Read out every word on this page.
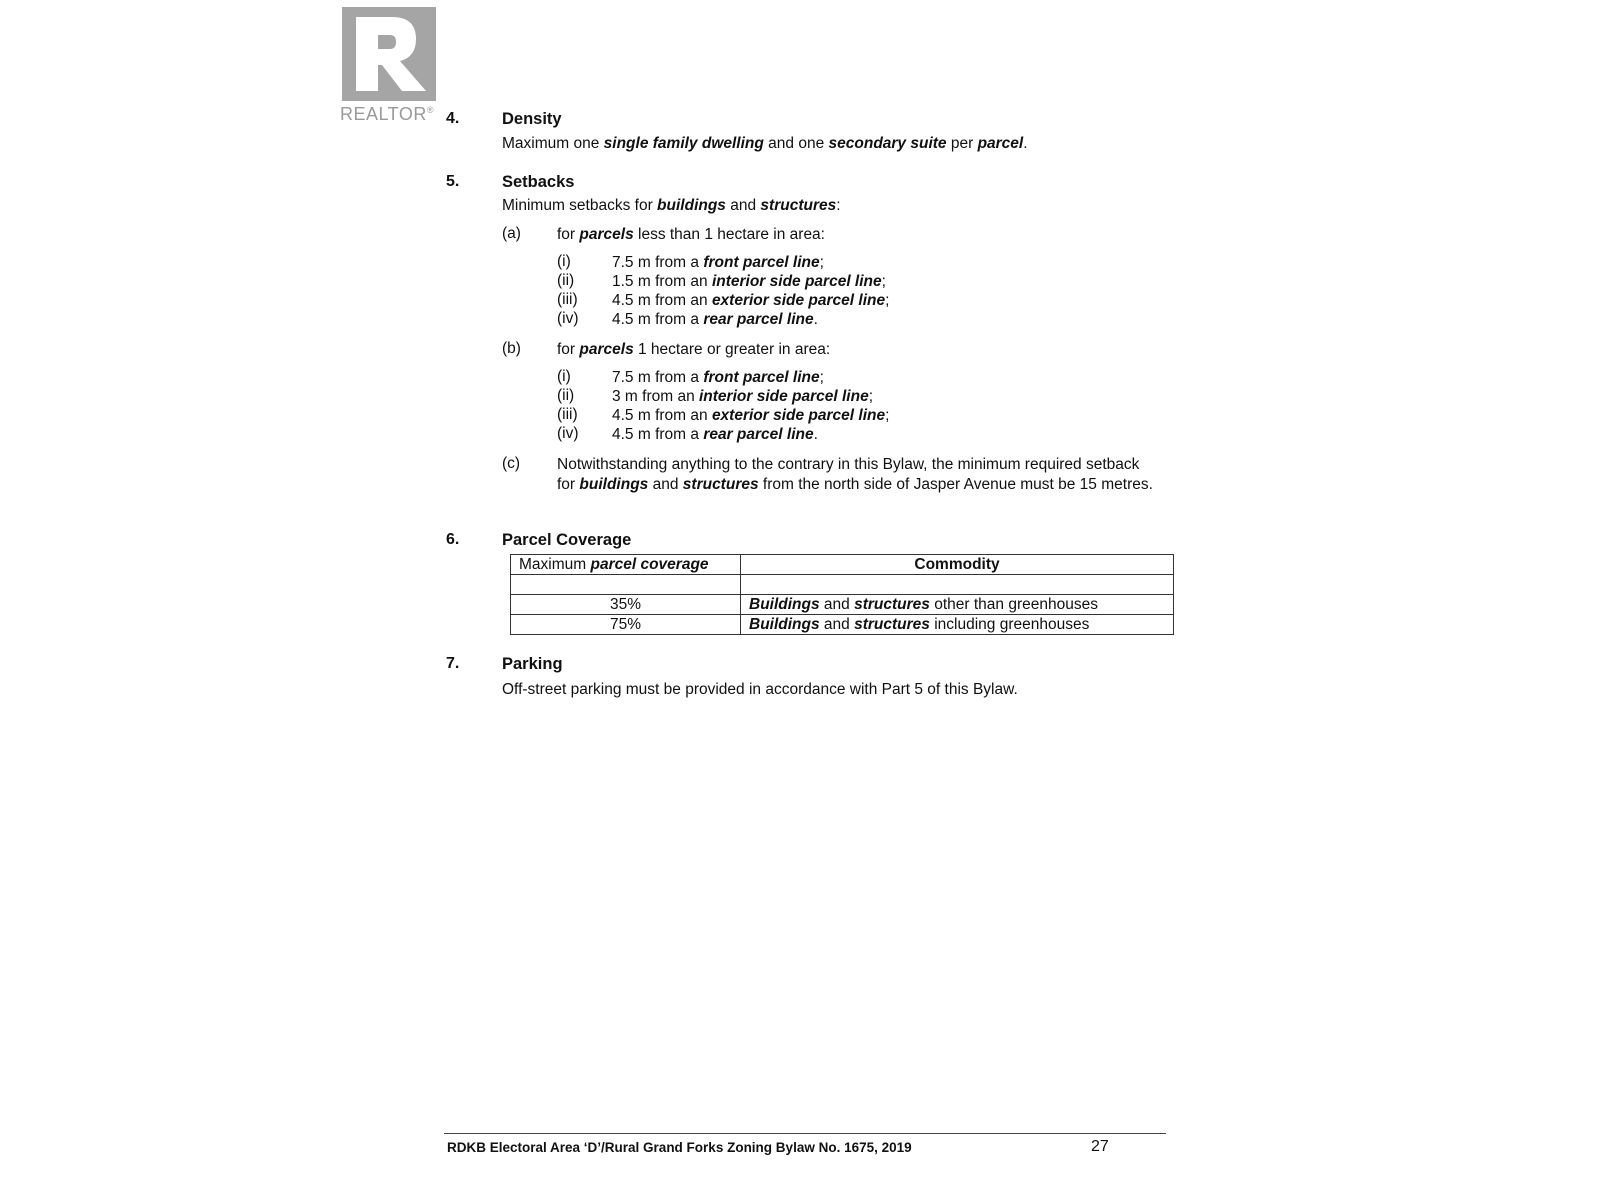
REALTOR® 4.	Density
Maximum one single family dwelling and one secondary suite per parcel.
5.	Setbacks
Minimum setbacks for buildings and structures:
(a) for parcels less than 1 hectare in area:
(i)	7.5 m from a front parcel line;
(ii) 1.5 m from an interior side parcel line;
(iii) 4.5 m from an exterior side parcel line;
(iv) 4.5 m from a rear parcel line.
(b) for parcels 1 hectare or greater in area:
(i)	7.5 m from a front parcel line;
(ii) 3 m from an interior side parcel line;
(iii) 4.5 m from an exterior side parcel line;
(iv) 4.5 m from a rear parcel line.
(c) Notwithstanding anything to the contrary in this Bylaw, the minimum required setback
for buildings and structures from the north side of Jasper Avenue must be 15 metres.
6.	Parcel Coverage
Maximum parcel coverage	Commodity

35%	Buildings and structures other than greenhouses
75%	Buildings and structures including greenhouses
7.	Parking
Off-street parking must be provided in accordance with Part 5 of this Bylaw.
RDKB Electoral Area ‘D’/Rural Grand Forks Zoning Bylaw No. 1675, 2019	27
